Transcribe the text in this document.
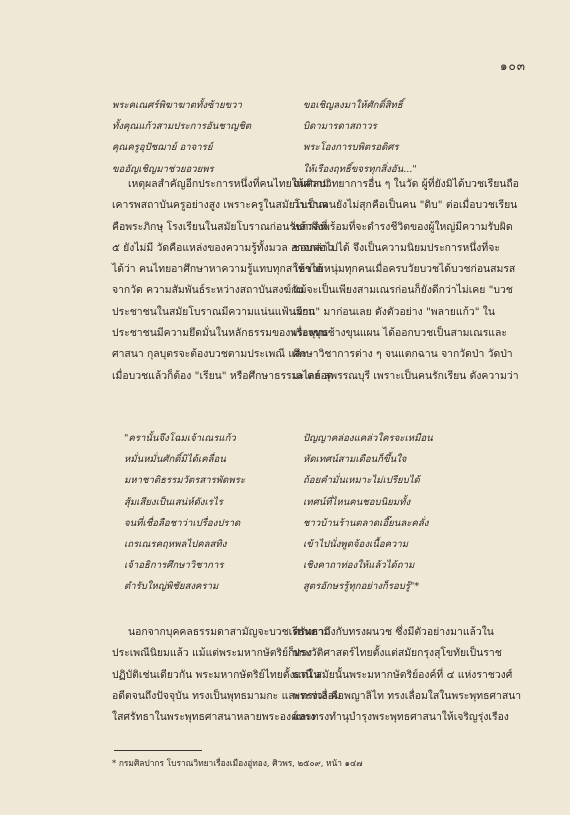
๑๐๓
พระคเณศร์พิฆาฆาตทั้งซ้ายขวา
ทั้งคุณแก้วสามประการอันชาญชิต
คุณครูอุปัชฌาย์ อาจารย์
ขออัญเชิญมาช่วยอวยพร
ขอเชิญลงมาให้ศักดิ์สิทธิ์
บิดามารดาสถาวร
พระโองการบพิตรอดิศร
ให้เรืองฤทธิ์ขจรทุกสิ่งอัน..."
เหตุผลสำคัญอีกประการหนึ่งที่คนไทยให้ความ
เคารพสถาบันครูอย่างสูง เพราะครูในสมัยโบราณ
คือพระภิกษุ โรงเรียนในสมัยโบราณก่อนรัชกาลที่
๕ ยังไม่มี วัดคือแหล่งของความรู้ทั้งมวล อาจกล่าว
ได้ว่า คนไทยอาศึกษาหาความรู้แทบทุกสาขาได้
จากวัด ความสัมพันธ์ระหว่างสถาบันสงฆ์กับ
ประชาชนในสมัยโบราณมีความแน่นแฟ้นมาก
ประชาชนมีความยึดมั่นในหลักธรรมของพระพุทธ
ศาสนา กุลบุตรจะต้องบวชตามประเพณี และ
เมื่อบวชแล้วก็ต้อง "เรียน" หรือศึกษาธรรมะ ตลอด
จนศิลปวิทยาการอื่น ๆ ในวัด ผู้ที่ยังมิได้บวชเรียนถือ
ว่าเป็นคนยังไม่สุกคือเป็นคน "ดิบ" ต่อเมื่อบวชเรียน
แล้วจึงพร้อมที่จะดำรงชีวิตของผู้ใหญ่มีความรับผิด
ชอบต่อไปได้ จึงเป็นความนิยมประการหนึ่งที่จะ
ให้ชายหนุ่มทุกคนเมื่อครบวัยบวชได้บวชก่อนสมรส
แม้จะเป็นเพียงสามเณรก่อนก็ยังดีกว่าไม่เคย "บวช
เรียน" มาก่อนเลย ดังตัวอย่าง "พลายแก้ว" ใน
เรื่องขุนช้างขุนแผน ได้ออกบวชเป็นสามเณรและ
ศึกษาวิชาการต่าง ๆ จนแตกฉาน จากวัดป่า วัดป่า
เลไลย์ สุพรรณบุรี เพราะเป็นคนรักเรียน ดังความว่า
"ครานั้นจึงโฉมเจ้าเณรแก้ว
หมั่นหมั่นศักดิ์มิได้เคลื่อน
มหาชาติธรรมวัตรสารพัดพระ
สุ้มเสียงเป็นเสน่ห์ดังเรไร
จนที่เชื่อลือชาว่าเปรื่องปราด
เถรเณรคฤหพลไปคลสทิง
เจ้าอธิการศึกษาวิชาการ
ตำรับใหญ่พิชัยสงคราม
ปัญญาคล่องแคล่วใครจะเหมือน
หัดเทศน์สามเดือนก็ขึ้นใจ
ถ้อยคำมั่นเหมาะไม่เปรียบได้
เทศน์ที่ไหนคนชอบนิยมทั้ง
ชาวบ้านร้านตลาดเอี๊ยนละคลั่ง
เข้าไปนั่งพูดจ้องเนื้อความ
เชิงคาถาท่องให้แล้วได้ถาม
สูตรอักษรรู้ทุกอย่างก็รอบรู้"*
นอกจากบุคคลธรรมดาสามัญจะบวชเรียนตาม
ประเพณีนิยมแล้ว แม้แต่พระมหากษัตริย์ก็ทรง
ปฏิบัติเช่นเดียวกัน พระมหากษัตริย์ไทยตั้งแต่ใน
อดีตจนถึงปัจจุบัน ทรงเป็นพุทธมามกะ และทรงเลื่อม
ใสศรัทธาในพระพุทธศาสนาหลายพระองค์ทรง
ศรัทธาถึงกับทรงผนวช ซึ่งมีตัวอย่างมาแล้วใน
ประวัติศาสตร์ไทยตั้งแต่สมัยกรุงสุโขทัยเป็นราช
ธานี สมัยนั้นพระมหากษัตริย์องค์ที่ ๔ แห่งราชวงศ์
พระร่วง คือพญาลิไท ทรงเลื่อมใสในพระพุทธศาสนา
และทรงทำนุบำรุงพระพุทธศาสนาให้เจริญรุ่งเรือง
* กรมศิลปากร โบราณวิทยาเรื่องเมืองอู่ทอง, ศิวพร, ๒๕๐๙, หน้า ๑๔๗
